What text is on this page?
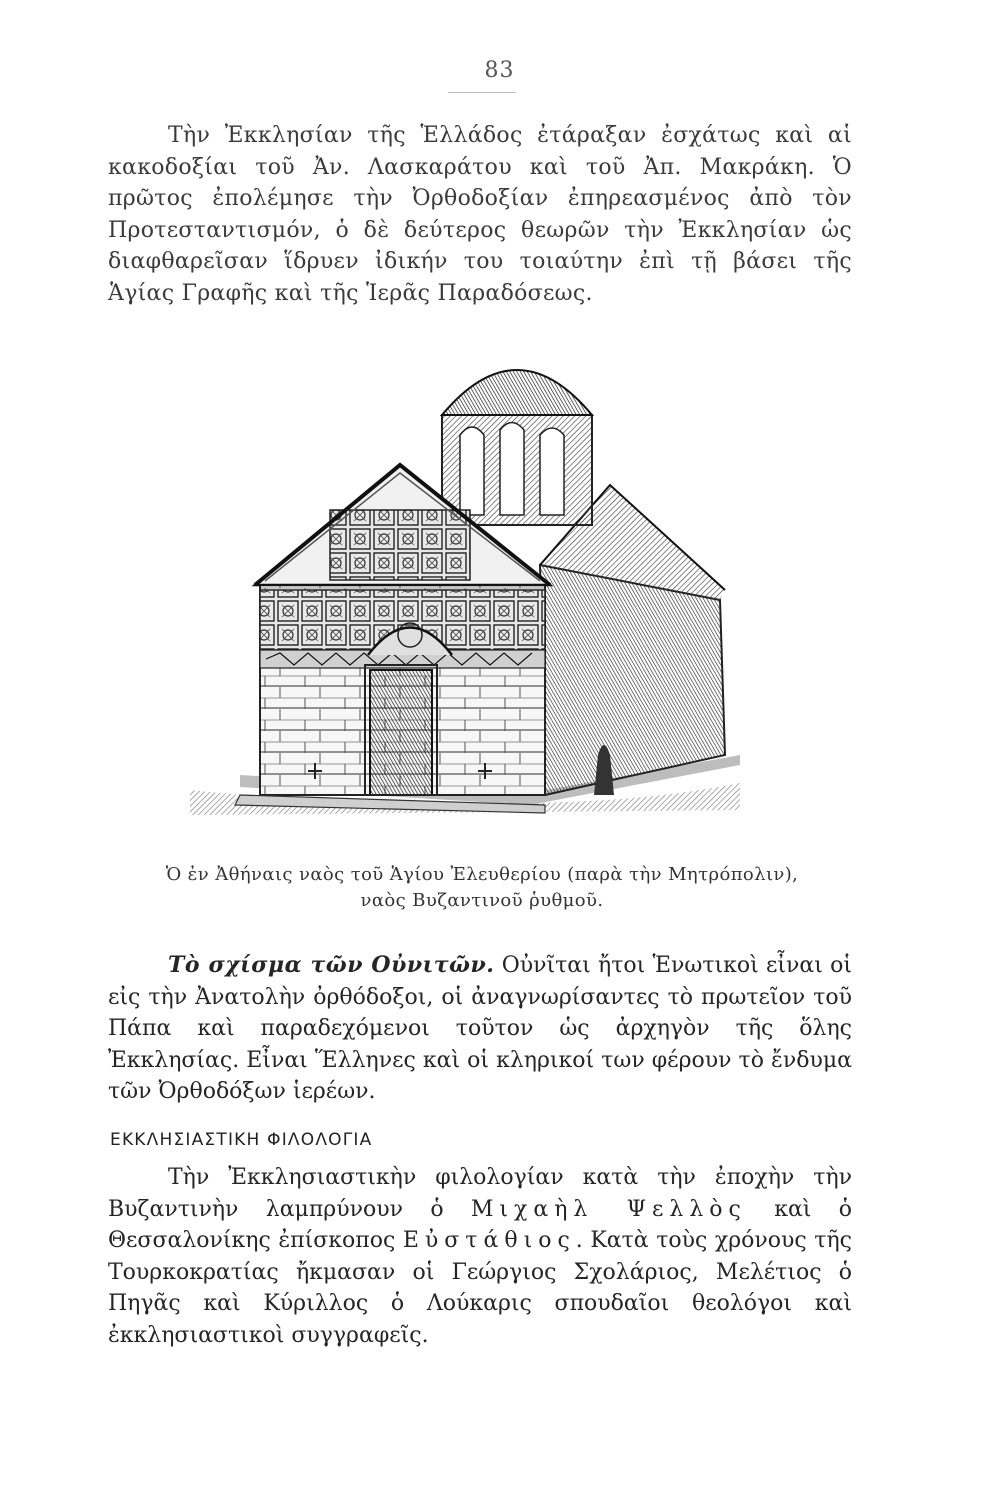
83

Τὴν Ἐκκλησίαν τῆς Ἑλλάδος ἐτάραξαν ἐσχάτως καὶ αἱ κακοδοξίαι τοῦ Ἀν. Λασκαράτου καὶ τοῦ Ἀπ. Μακράκη. Ὁ πρῶτος ἐπολέμησε τὴν Ὀρθοδοξίαν ἐπηρεασμένος ἀπὸ τὸν Προτεσταντισμόν, ὁ δὲ δεύτερος θεωρῶν τὴν Ἐκκλησίαν ὡς διαφθαρεῖσαν ἵδρυεν ἰδικήν του τοιαύτην ἐπὶ τῇ βάσει τῆς Ἁγίας Γραφῆς καὶ τῆς Ἱερᾶς Παραδόσεως.

Ὁ ἐν Ἀθήναις ναὸς τοῦ Ἁγίου Ἐλευθερίου (παρὰ τὴν Μητρόπολιν),
ναὸς Βυζαντινοῦ ῥυθμοῦ.

Τὸ σχίσμα τῶν Οὐνιτῶν. Οὐνῖται ἤτοι Ἑνωτικοὶ εἶναι οἱ εἰς τὴν Ἀνατολὴν ὀρθόδοξοι, οἱ ἀναγνωρίσαντες τὸ πρωτεῖον τοῦ Πάπα καὶ παραδεχόμενοι τοῦτον ὡς ἀρχηγὸν τῆς ὅλης Ἐκκλησίας. Εἶναι Ἕλληνες καὶ οἱ κληρικοί των φέρουν τὸ ἔνδυμα τῶν Ὀρθοδόξων ἱερέων.

ΕΚΚΛΗΣΙΑΣΤΙΚΗ ΦΙΛΟΛΟΓΙΑ

Τὴν Ἐκκλησιαστικὴν φιλολογίαν κατὰ τὴν ἐποχὴν τὴν Βυζαντινὴν λαμπρύνουν ὁ Μιχαὴλ Ψελλὸς καὶ ὁ Θεσσαλονίκης ἐπίσκοπος Εὐστάθιος. Κατὰ τοὺς χρόνους τῆς Τουρκοκρατίας ἤκμασαν οἱ Γεώργιος Σχολάριος, Μελέτιος ὁ Πηγᾶς καὶ Κύριλλος ὁ Λούκαρις σπουδαῖοι θεολόγοι καὶ ἐκκλησιαστικοὶ συγγραφεῖς.
